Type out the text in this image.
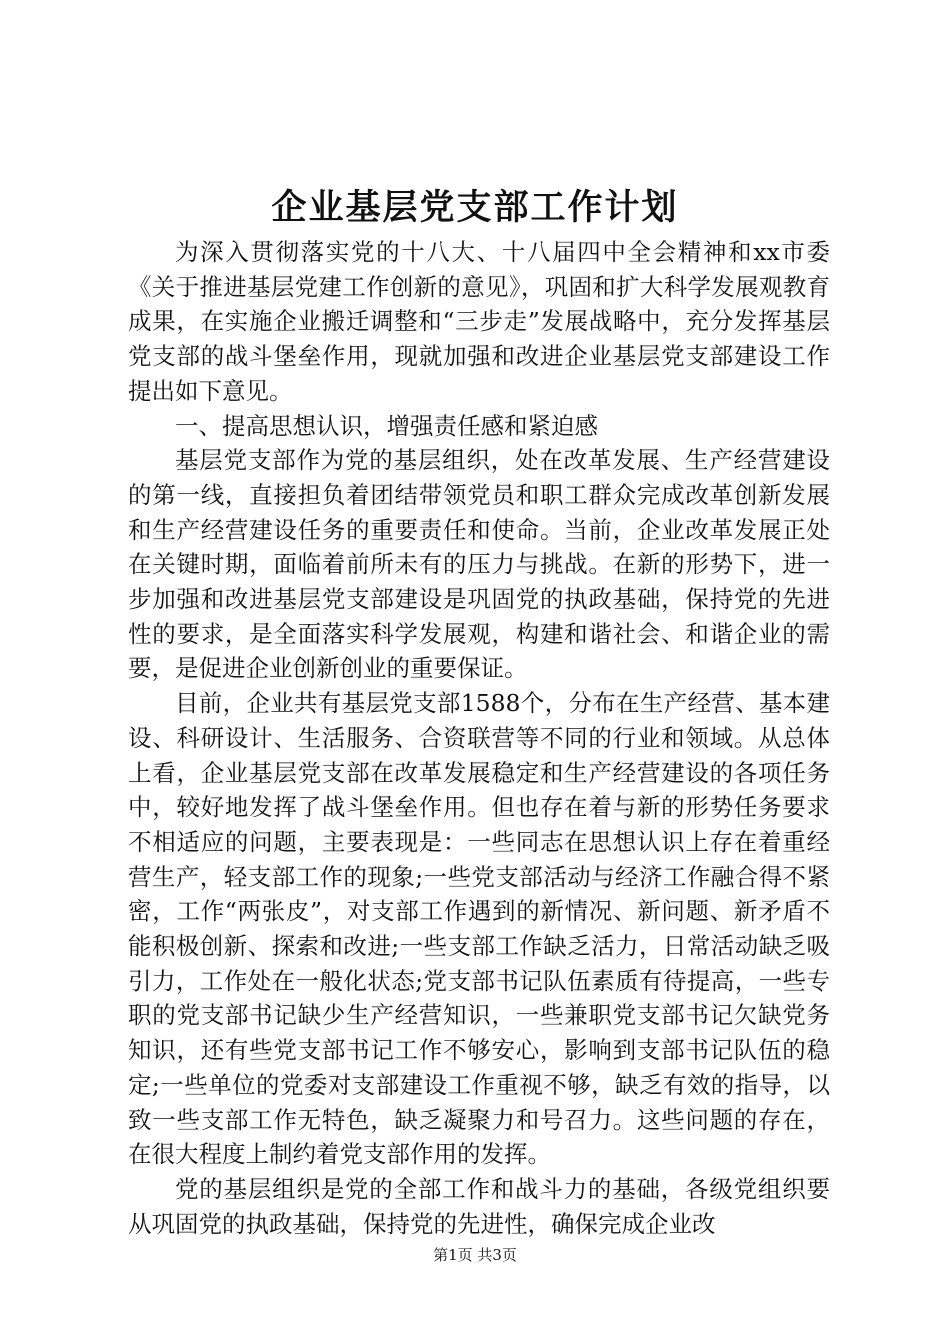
企业基层党支部工作计划

为深入贯彻落实党的十八大、十八届四中全会精神和xx市委《关于推进基层党建工作创新的意见》，巩固和扩大科学发展观教育成果，在实施企业搬迁调整和“三步走”发展战略中，充分发挥基层党支部的战斗堡垒作用，现就加强和改进企业基层党支部建设工作提出如下意见。

一、提高思想认识，增强责任感和紧迫感

基层党支部作为党的基层组织，处在改革发展、生产经营建设的第一线，直接担负着团结带领党员和职工群众完成改革创新发展和生产经营建设任务的重要责任和使命。当前，企业改革发展正处在关键时期，面临着前所未有的压力与挑战。在新的形势下，进一步加强和改进基层党支部建设是巩固党的执政基础，保持党的先进性的要求，是全面落实科学发展观，构建和谐社会、和谐企业的需要，是促进企业创新创业的重要保证。

目前，企业共有基层党支部1588个，分布在生产经营、基本建设、科研设计、生活服务、合资联营等不同的行业和领域。从总体上看，企业基层党支部在改革发展稳定和生产经营建设的各项任务中，较好地发挥了战斗堡垒作用。但也存在着与新的形势任务要求不相适应的问题，主要表现是：一些同志在思想认识上存在着重经营生产，轻支部工作的现象;一些党支部活动与经济工作融合得不紧密，工作“两张皮”，对支部工作遇到的新情况、新问题、新矛盾不能积极创新、探索和改进;一些支部工作缺乏活力，日常活动缺乏吸引力，工作处在一般化状态;党支部书记队伍素质有待提高，一些专职的党支部书记缺少生产经营知识，一些兼职党支部书记欠缺党务知识，还有些党支部书记工作不够安心，影响到支部书记队伍的稳定;一些单位的党委对支部建设工作重视不够，缺乏有效的指导，以致一些支部工作无特色，缺乏凝聚力和号召力。这些问题的存在，在很大程度上制约着党支部作用的发挥。

党的基层组织是党的全部工作和战斗力的基础，各级党组织要从巩固党的执政基础，保持党的先进性，确保完成企业改

第1页 共3页
